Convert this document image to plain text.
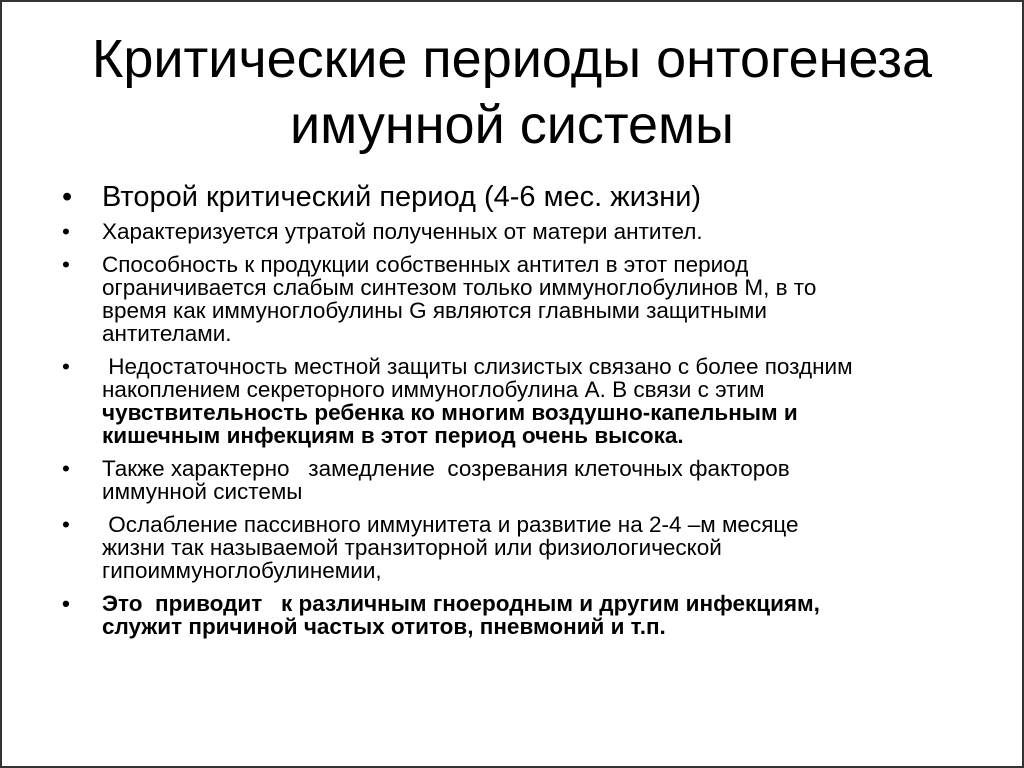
Критические периоды онтогенеза
имунной системы
• Второй критический период (4-6 мес. жизни)
• Характеризуется утратой полученных от матери антител.
• Способность к продукции собственных антител в этот период
ограничивается слабым синтезом только иммуноглобулинов М, в то
время как иммуноглобулины G являются главными защитными
антителами.
•  Недостаточность местной защиты слизистых связано с более поздним
накоплением секреторного иммуноглобулина А. В связи с этим
чувствительность ребенка ко многим воздушно-капельным и
кишечным инфекциям в этот период очень высока.
• Также характерно   замедление  созревания клеточных факторов
иммунной системы
•  Ослабление пассивного иммунитета и развитие на 2-4 –м месяце
жизни так называемой транзиторной или физиологической
гипоиммуноглобулинемии,
• Это  приводит   к различным гноеродным и другим инфекциям,
служит причиной частых отитов, пневмоний и т.п.
